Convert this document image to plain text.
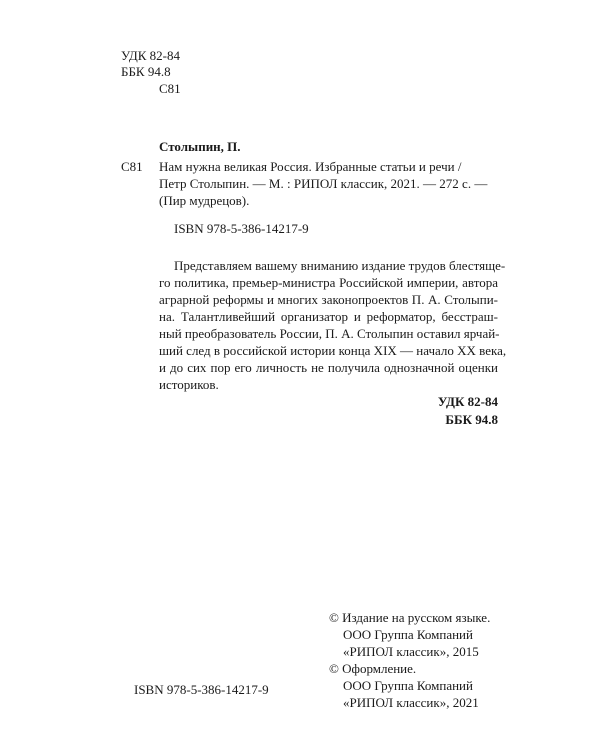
УДК 82-84
ББК 94.8
С81
Столыпин, П.
С81 Нам нужна великая Россия. Избранные статьи и речи /
Петр Столыпин. — М. : РИПОЛ классик, 2021. — 272 с. —
(Пир мудрецов).
ISBN 978-5-386-14217-9
Представляем вашему вниманию издание трудов блестяще-
го политика, премьер-министра Российской империи, автора
аграрной реформы и многих законопроектов П. А. Столыпи-
на. Талантливейший организатор и реформатор, бесстраш-
ный преобразователь России, П. А. Столыпин оставил ярчай-
ший след в российской истории конца XIX — начало XX века,
и до сих пор его личность не получила однозначной оценки
историков.
УДК 82-84
ББК 94.8
© Издание на русском языке.
ООО Группа Компаний
«РИПОЛ классик», 2015
© Оформление.
ООО Группа Компаний
«РИПОЛ классик», 2021
ISBN 978-5-386-14217-9
